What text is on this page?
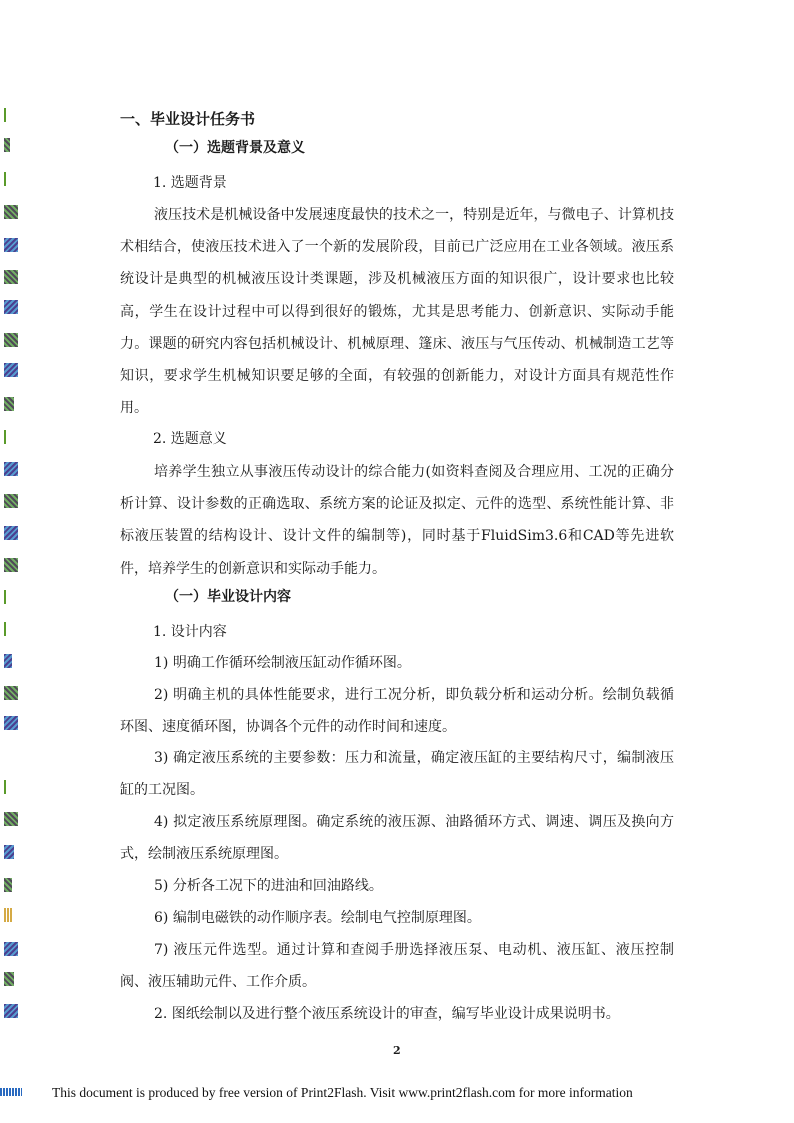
一、毕业设计任务书
（一）选题背景及意义
1. 选题背景
液压技术是机械设备中发展速度最快的技术之一，特别是近年，与微电子、计算机技术相结合，使液压技术进入了一个新的发展阶段，目前已广泛应用在工业各领域。液压系统设计是典型的机械液压设计类课题，涉及机械液压方面的知识很广，设计要求也比较高，学生在设计过程中可以得到很好的锻炼，尤其是思考能力、创新意识、实际动手能力。课题的研究内容包括机械设计、机械原理、篷床、液压与气压传动、机械制造工艺等知识，要求学生机械知识要足够的全面，有较强的创新能力，对设计方面具有规范性作用。
2. 选题意义
培养学生独立从事液压传动设计的综合能力(如资料查阅及合理应用、工况的正确分析计算、设计参数的正确选取、系统方案的论证及拟定、元件的选型、系统性能计算、非标液压装置的结构设计、设计文件的编制等)，同时基于FluidSim3.6和CAD等先进软件，培养学生的创新意识和实际动手能力。
（一）毕业设计内容
1. 设计内容
1) 明确工作循环绘制液压缸动作循环图。
2) 明确主机的具体性能要求，进行工况分析，即负载分析和运动分析。绘制负载循环图、速度循环图，协调各个元件的动作时间和速度。
3) 确定液压系统的主要参数：压力和流量，确定液压缸的主要结构尺寸，编制液压缸的工况图。
4) 拟定液压系统原理图。确定系统的液压源、油路循环方式、调速、调压及换向方式，绘制液压系统原理图。
5) 分析各工况下的进油和回油路线。
6) 编制电磁铁的动作顺序表。绘制电气控制原理图。
7) 液压元件选型。通过计算和查阅手册选择液压泵、电动机、液压缸、液压控制阀、液压辅助元件、工作介质。
2. 图纸绘制以及进行整个液压系统设计的审查，编写毕业设计成果说明书。
2
This document is produced by free version of Print2Flash. Visit www.print2flash.com for more information
